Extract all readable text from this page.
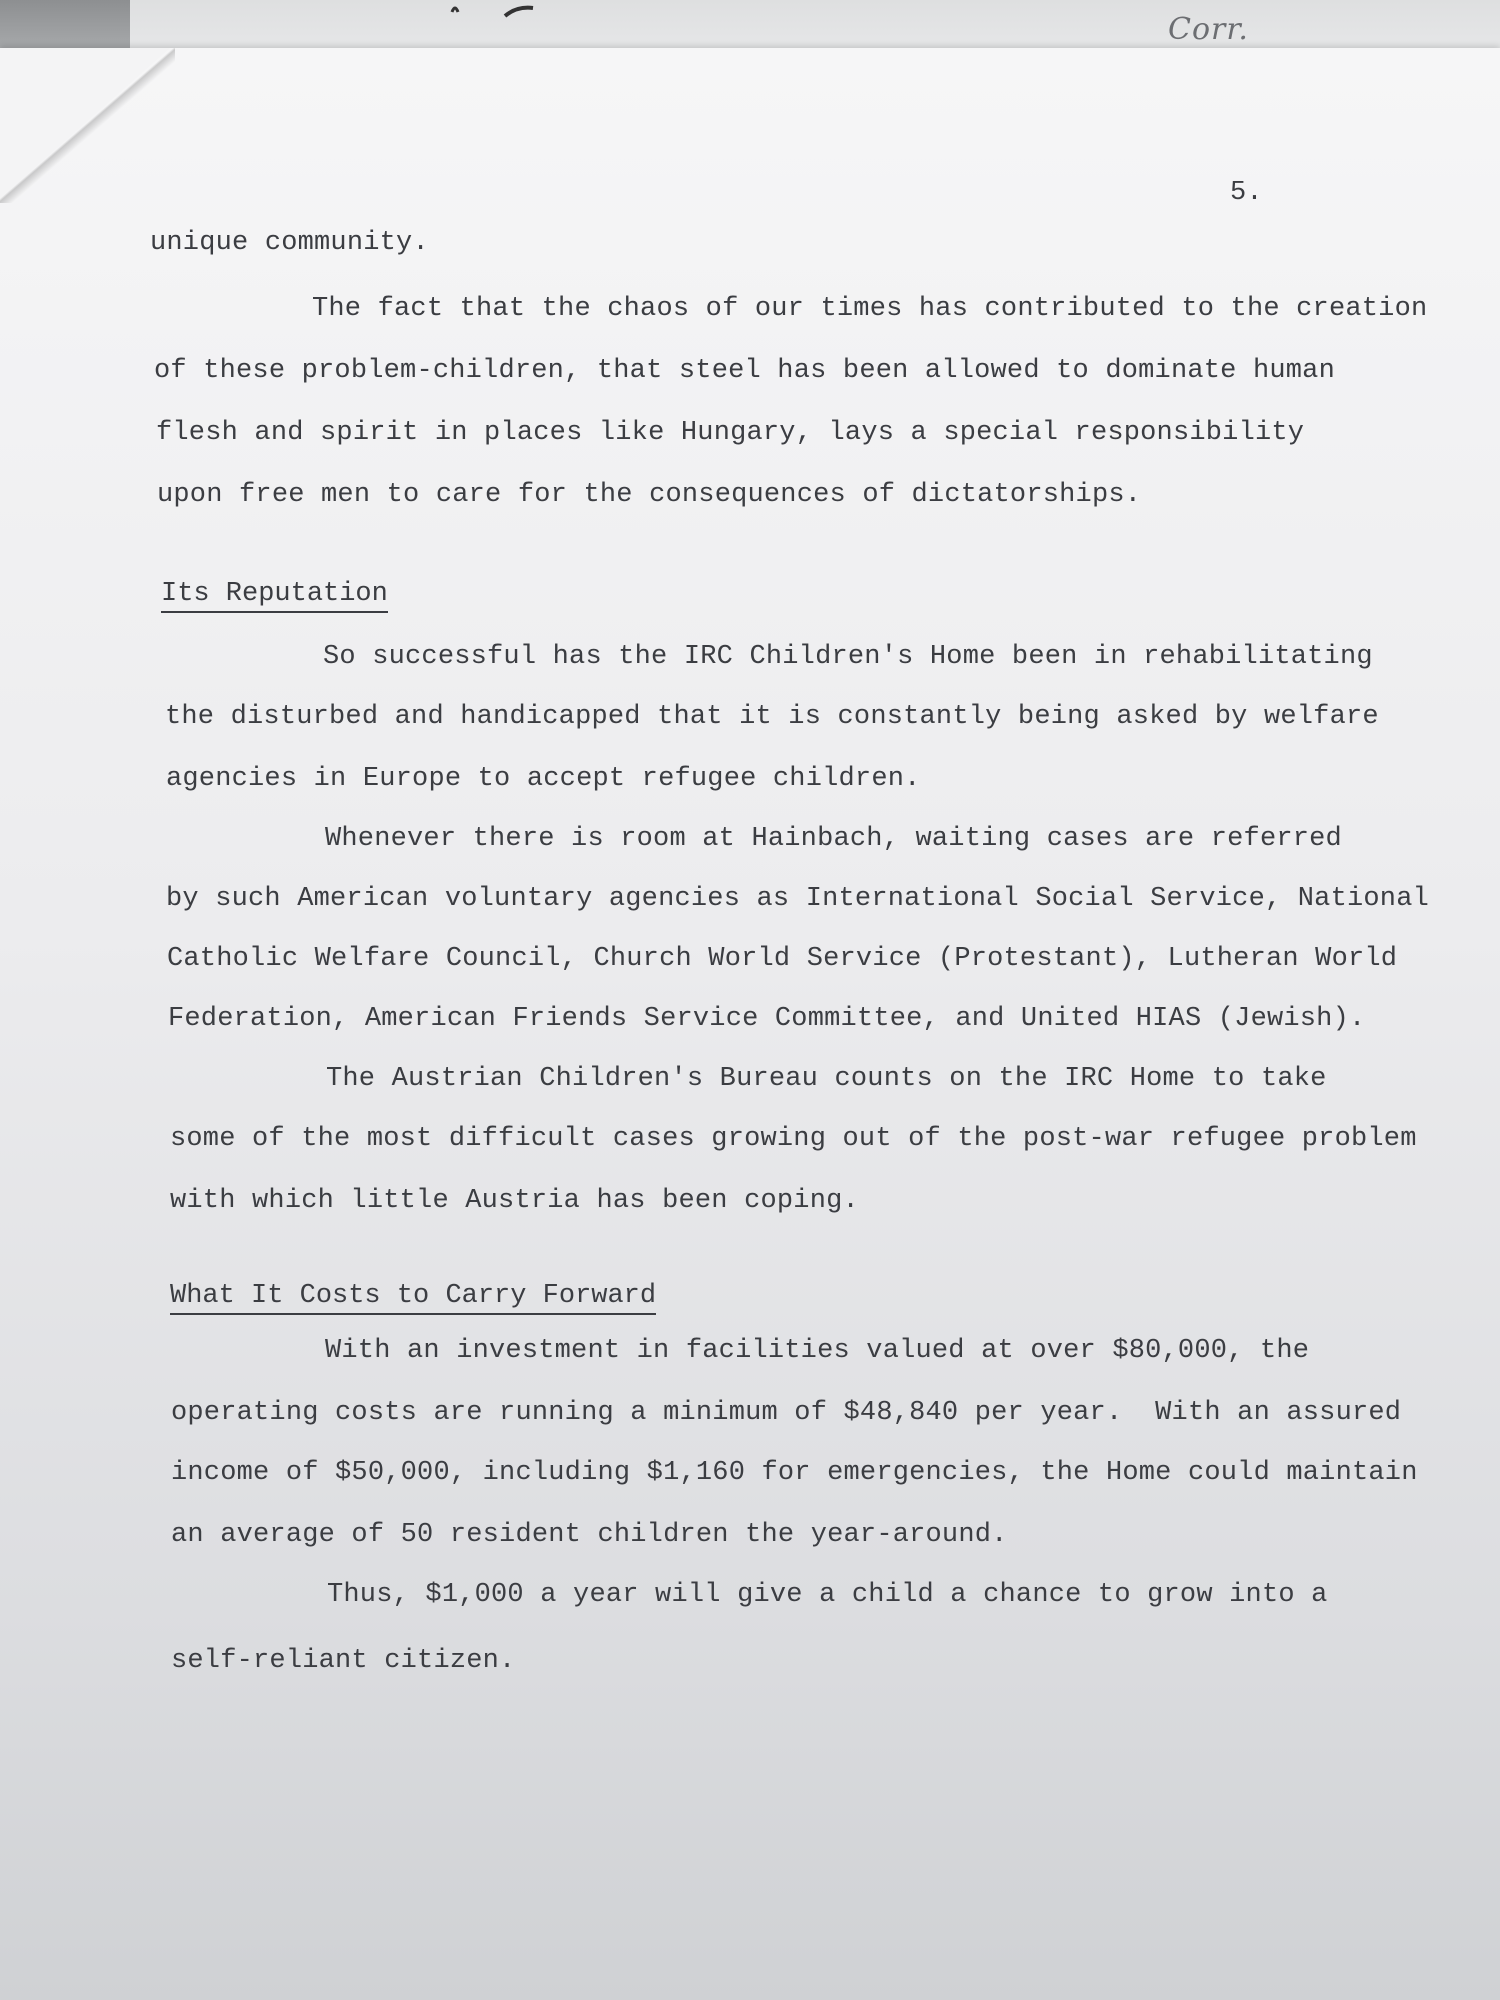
Corr.
5.
unique community.
The fact that the chaos of our times has contributed to the creation
of these problem-children, that steel has been allowed to dominate human
flesh and spirit in places like Hungary, lays a special responsibility
upon free men to care for the consequences of dictatorships.
Its Reputation
So successful has the IRC Children's Home been in rehabilitating
the disturbed and handicapped that it is constantly being asked by welfare
agencies in Europe to accept refugee children.
Whenever there is room at Hainbach, waiting cases are referred
by such American voluntary agencies as International Social Service, National
Catholic Welfare Council, Church World Service (Protestant), Lutheran World
Federation, American Friends Service Committee, and United HIAS (Jewish).
The Austrian Children's Bureau counts on the IRC Home to take
some of the most difficult cases growing out of the post-war refugee problem
with which little Austria has been coping.
What It Costs to Carry Forward
With an investment in facilities valued at over $80,000, the
operating costs are running a minimum of $48,840 per year.  With an assured
income of $50,000, including $1,160 for emergencies, the Home could maintain
an average of 50 resident children the year-around.
Thus, $1,000 a year will give a child a chance to grow into a
self-reliant citizen.
